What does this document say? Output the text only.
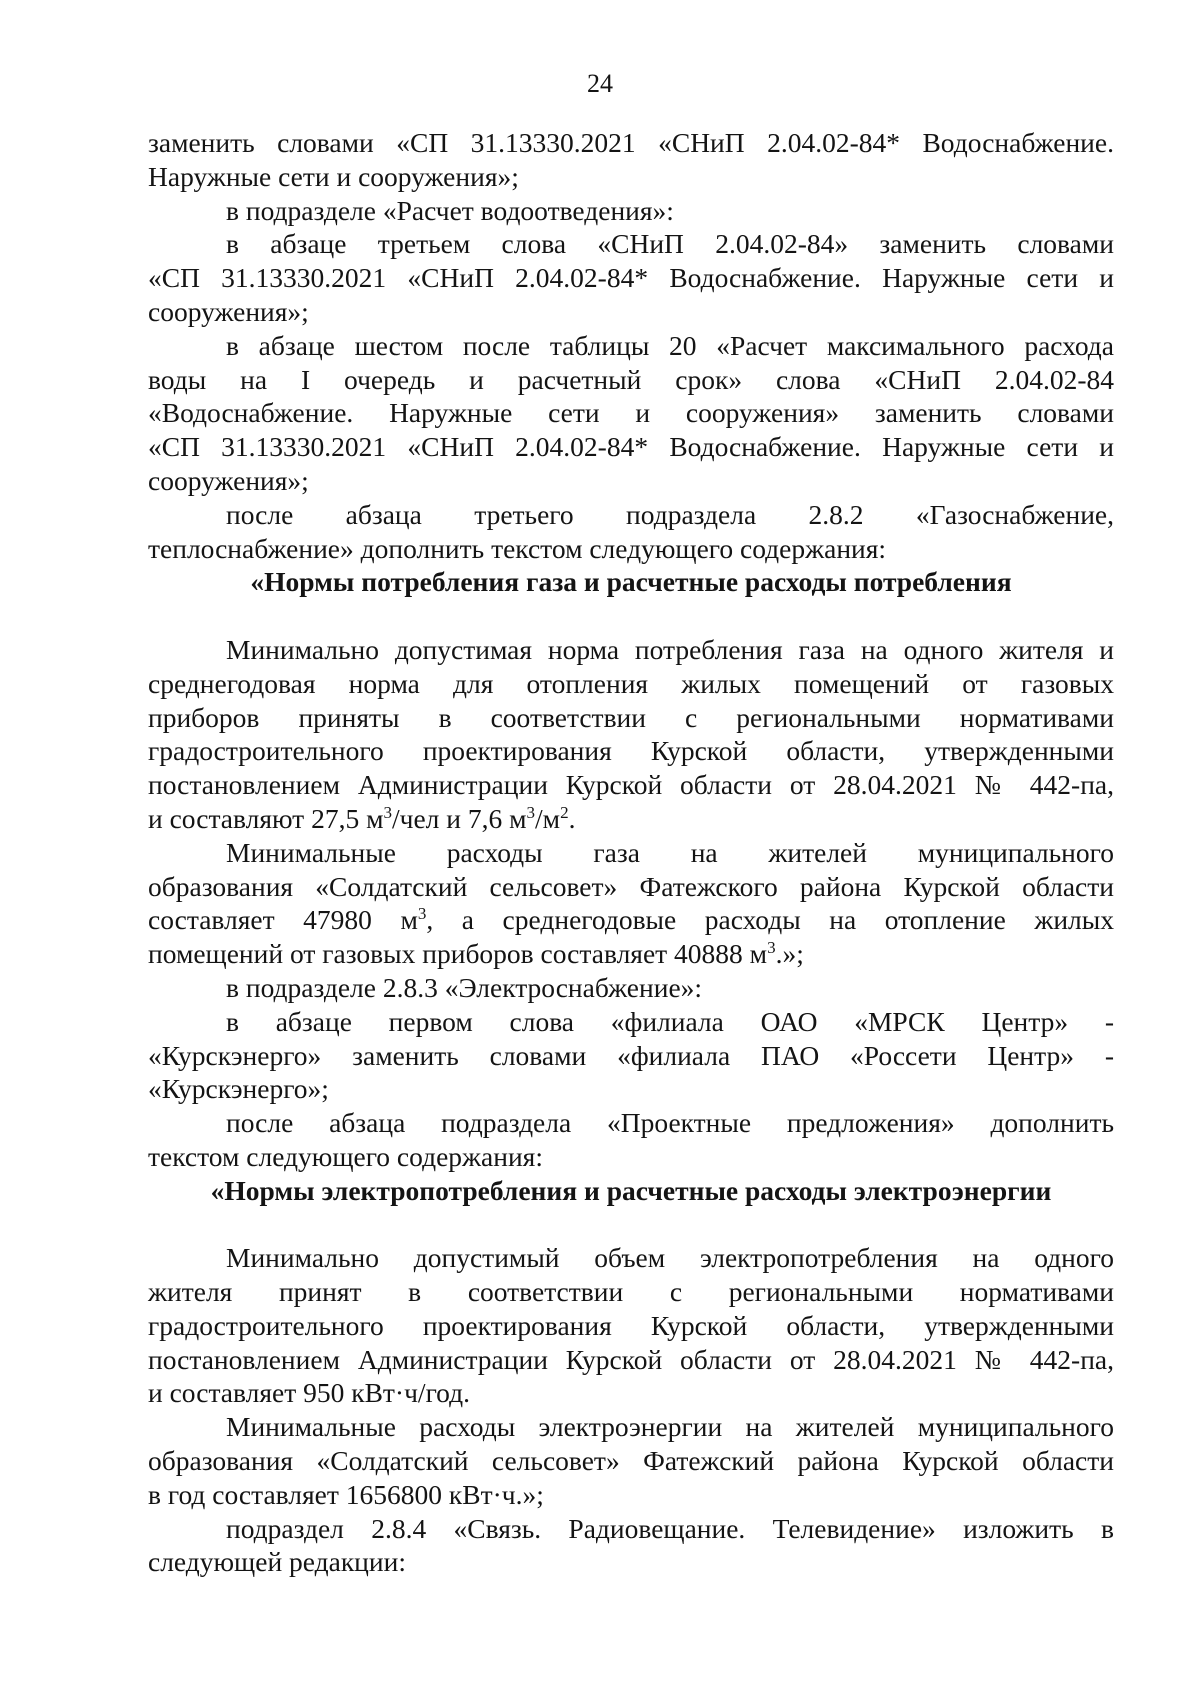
24

заменить словами «СП 31.13330.2021 «СНиП 2.04.02-84* Водоснабжение.

Наружные сети и сооружения»;

в подразделе «Расчет водоотведения»:

в абзаце третьем слова «СНиП 2.04.02-84» заменить словами

«СП 31.13330.2021 «СНиП 2.04.02-84* Водоснабжение. Наружные сети и

сооружения»;

в абзаце шестом после таблицы 20 «Расчет максимального расхода

воды на I очередь и расчетный срок» слова «СНиП 2.04.02-84

«Водоснабжение. Наружные сети и сооружения» заменить словами

«СП 31.13330.2021 «СНиП 2.04.02-84* Водоснабжение. Наружные сети и

сооружения»;

после абзаца третьего подраздела 2.8.2 «Газоснабжение,

теплоснабжение» дополнить текстом следующего содержания:

«Нормы потребления газа и расчетные расходы потребления

Минимально допустимая норма потребления газа на одного жителя и

среднегодовая норма для отопления жилых помещений от газовых

приборов приняты в соответствии с региональными нормативами

градостроительного проектирования Курской области, утвержденными

постановлением Администрации Курской области от 28.04.2021 № 442-па,

и составляют 27,5 $м^3$/чел и 7,6 $м^3/м^2$.

Минимальные расходы газа на жителей муниципального

образования «Солдатский сельсовет» Фатежского района Курской области

составляет 47980 $м^3$, а среднегодовые расходы на отопление жилых

помещений от газовых приборов составляет 40888 $м^3$.»;

в подразделе 2.8.3 «Электроснабжение»:

в абзаце первом слова «филиала ОАО «МРСК Центр» -

«Курскэнерго» заменить словами «филиала ПАО «Россети Центр» -

«Курскэнерго»;

после абзаца подраздела «Проектные предложения» дополнить

текстом следующего содержания:

«Нормы электропотребления и расчетные расходы электроэнергии

Минимально допустимый объем электропотребления на одного

жителя принят в соответствии с региональными нормативами

градостроительного проектирования Курской области, утвержденными

постановлением Администрации Курской области от 28.04.2021 № 442-па,

и составляет 950 кВт·ч/год.

Минимальные расходы электроэнергии на жителей муниципального

образования «Солдатский сельсовет» Фатежский района Курской области

в год составляет 1656800 кВт·ч.»;

подраздел 2.8.4 «Связь. Радиовещание. Телевидение» изложить в

следующей редакции:
